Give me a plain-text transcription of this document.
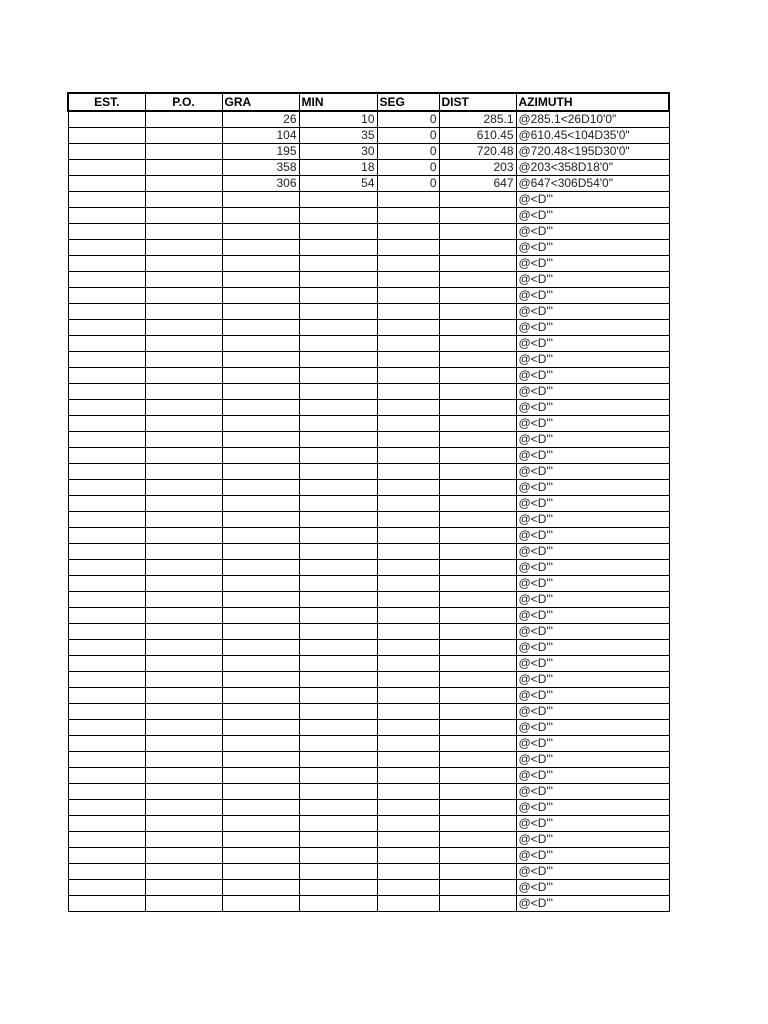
EST.	P.O.	GRA	MIN	SEG	DIST	AZIMUTH
		26	10	0	285.1	@285.1<26D10'0"
		104	35	0	610.45	@610.45<104D35'0"
		195	30	0	720.48	@720.48<195D30'0"
		358	18	0	203	@203<358D18'0"
		306	54	0	647	@647<306D54'0"
						@<D'"
						@<D'"
						@<D'"
						@<D'"
						@<D'"
						@<D'"
						@<D'"
						@<D'"
						@<D'"
						@<D'"
						@<D'"
						@<D'"
						@<D'"
						@<D'"
						@<D'"
						@<D'"
						@<D'"
						@<D'"
						@<D'"
						@<D'"
						@<D'"
						@<D'"
						@<D'"
						@<D'"
						@<D'"
						@<D'"
						@<D'"
						@<D'"
						@<D'"
						@<D'"
						@<D'"
						@<D'"
						@<D'"
						@<D'"
						@<D'"
						@<D'"
						@<D'"
						@<D'"
						@<D'"
						@<D'"
						@<D'"
						@<D'"
						@<D'"
						@<D'"
						@<D'"
